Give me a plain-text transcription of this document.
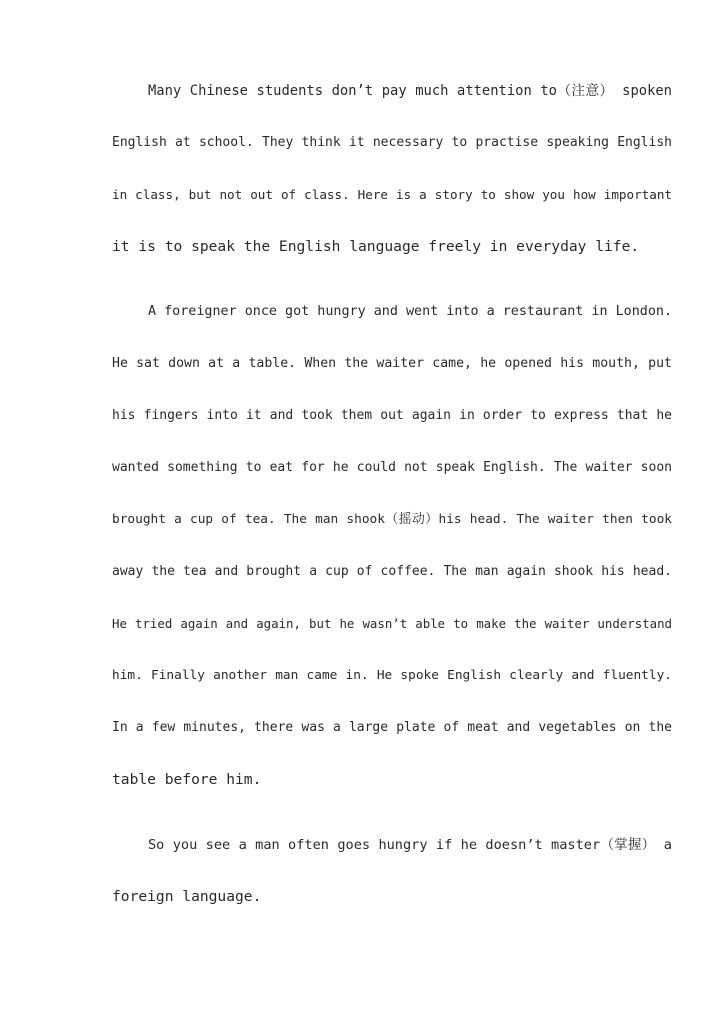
Many Chinese students don’t pay much attention to（注意） spoken
English at school. They think it necessary to practise speaking English
in class, but not out of class. Here is a story to show you how important
it is to speak the English language freely in everyday life.
A foreigner once got hungry and went into a restaurant in London.
He sat down at a table. When the waiter came, he opened his mouth, put
his fingers into it and took them out again in order to express that he
wanted something to eat for he could not speak English. The waiter soon
brought a cup of tea. The man shook（摇动）his head. The waiter then took
away the tea and brought a cup of coffee. The man again shook his head.
He tried again and again, but he wasn’t able to make the waiter understand
him. Finally another man came in. He spoke English clearly and fluently.
In a few minutes, there was a large plate of meat and vegetables on the
table before him.
So you see a man often goes hungry if he doesn’t master（掌握） a
foreign language.
